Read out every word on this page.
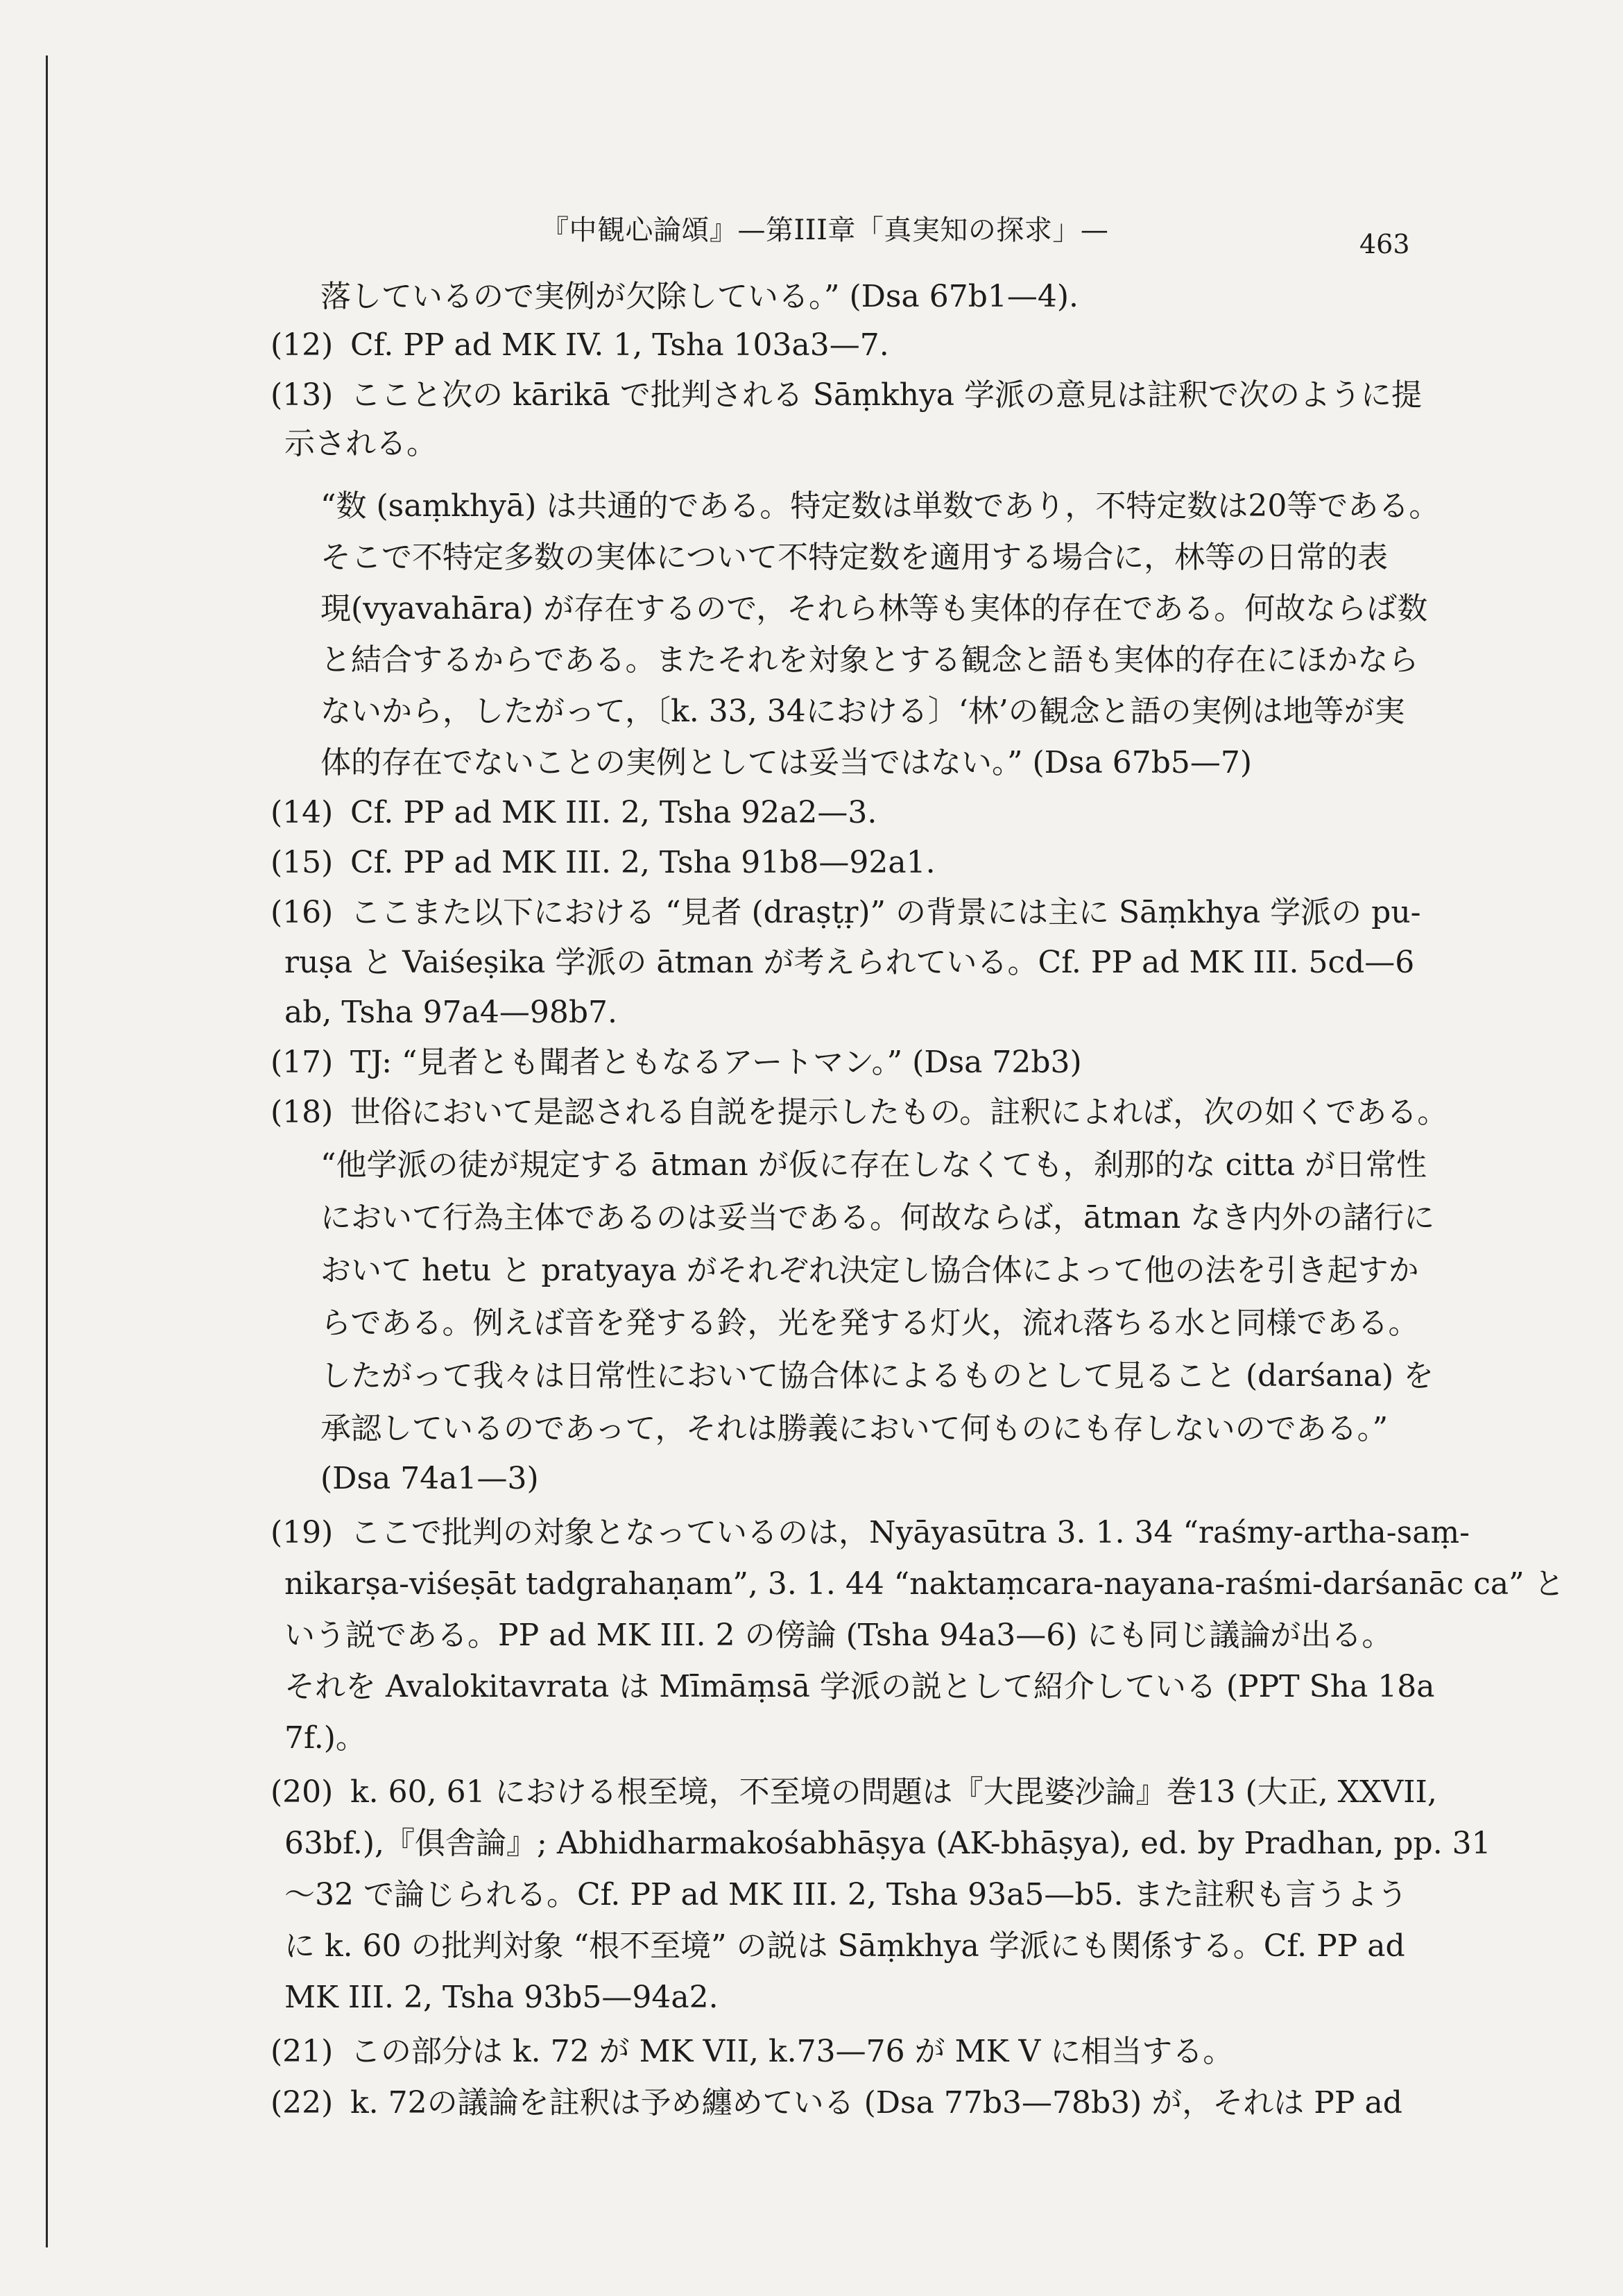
『中観心論頌』—第III章「真実知の探求」—	463
落しているので実例が欠除している。” (Dsa 67b1—4).
(12) Cf. PP ad MK IV. 1, Tsha 103a3—7.
(13) ここと次の kārikā で批判される Sāṃkhya 学派の意見は註釈で次のように提
示される。
“数 (saṃkhyā) は共通的である。特定数は単数であり，不特定数は20等である。
そこで不特定多数の実体について不特定数を適用する場合に，林等の日常的表
現(vyavahāra) が存在するので，それら林等も実体的存在である。何故ならば数
と結合するからである。またそれを対象とする観念と語も実体的存在にほかなら
ないから，したがって，〔k. 33, 34における〕‘林’の観念と語の実例は地等が実
体的存在でないことの実例としては妥当ではない。” (Dsa 67b5—7)
(14) Cf. PP ad MK III. 2, Tsha 92a2—3.
(15) Cf. PP ad MK III. 2, Tsha 91b8—92a1.
(16) ここまた以下における “見者 (draṣṭṛ)” の背景には主に Sāṃkhya 学派の pu-
ruṣa と Vaiśeṣika 学派の ātman が考えられている。Cf. PP ad MK III. 5cd—6
ab, Tsha 97a4—98b7.
(17) TJ: “見者とも聞者ともなるアートマン。” (Dsa 72b3)
(18) 世俗において是認される自説を提示したもの。註釈によれば，次の如くである。
“他学派の徒が規定する ātman が仮に存在しなくても，刹那的な citta が日常性
において行為主体であるのは妥当である。何故ならば，ātman なき内外の諸行に
おいて hetu と pratyaya がそれぞれ決定し協合体によって他の法を引き起すか
らである。例えば音を発する鈴，光を発する灯火，流れ落ちる水と同様である。
したがって我々は日常性において協合体によるものとして見ること (darśana) を
承認しているのであって，それは勝義において何ものにも存しないのである。”
(Dsa 74a1—3)
(19) ここで批判の対象となっているのは，Nyāyasūtra 3. 1. 34 “raśmy-artha-saṃ-
nikarṣa-viśeṣāt tadgrahaṇam”, 3. 1. 44 “naktaṃcara-nayana-raśmi-darśanāc ca” と
いう説である。PP ad MK III. 2 の傍論 (Tsha 94a3—6) にも同じ議論が出る。
それを Avalokitavrata は Mīmāṃsā 学派の説として紹介している (PPT Sha 18a
7f.)。
(20) k. 60, 61 における根至境，不至境の問題は『大毘婆沙論』巻13 (大正, XXVII,
63bf.),『俱舎論』; Abhidharmakośabhāṣya (AK-bhāṣya), ed. by Pradhan, pp. 31
〜32 で論じられる。Cf. PP ad MK III. 2, Tsha 93a5—b5. また註釈も言うよう
に k. 60 の批判対象 “根不至境” の説は Sāṃkhya 学派にも関係する。Cf. PP ad
MK III. 2, Tsha 93b5—94a2.
(21) この部分は k. 72 が MK VII, k.73—76 が MK V に相当する。
(22) k. 72の議論を註釈は予め纏めている (Dsa 77b3—78b3) が，それは PP ad
